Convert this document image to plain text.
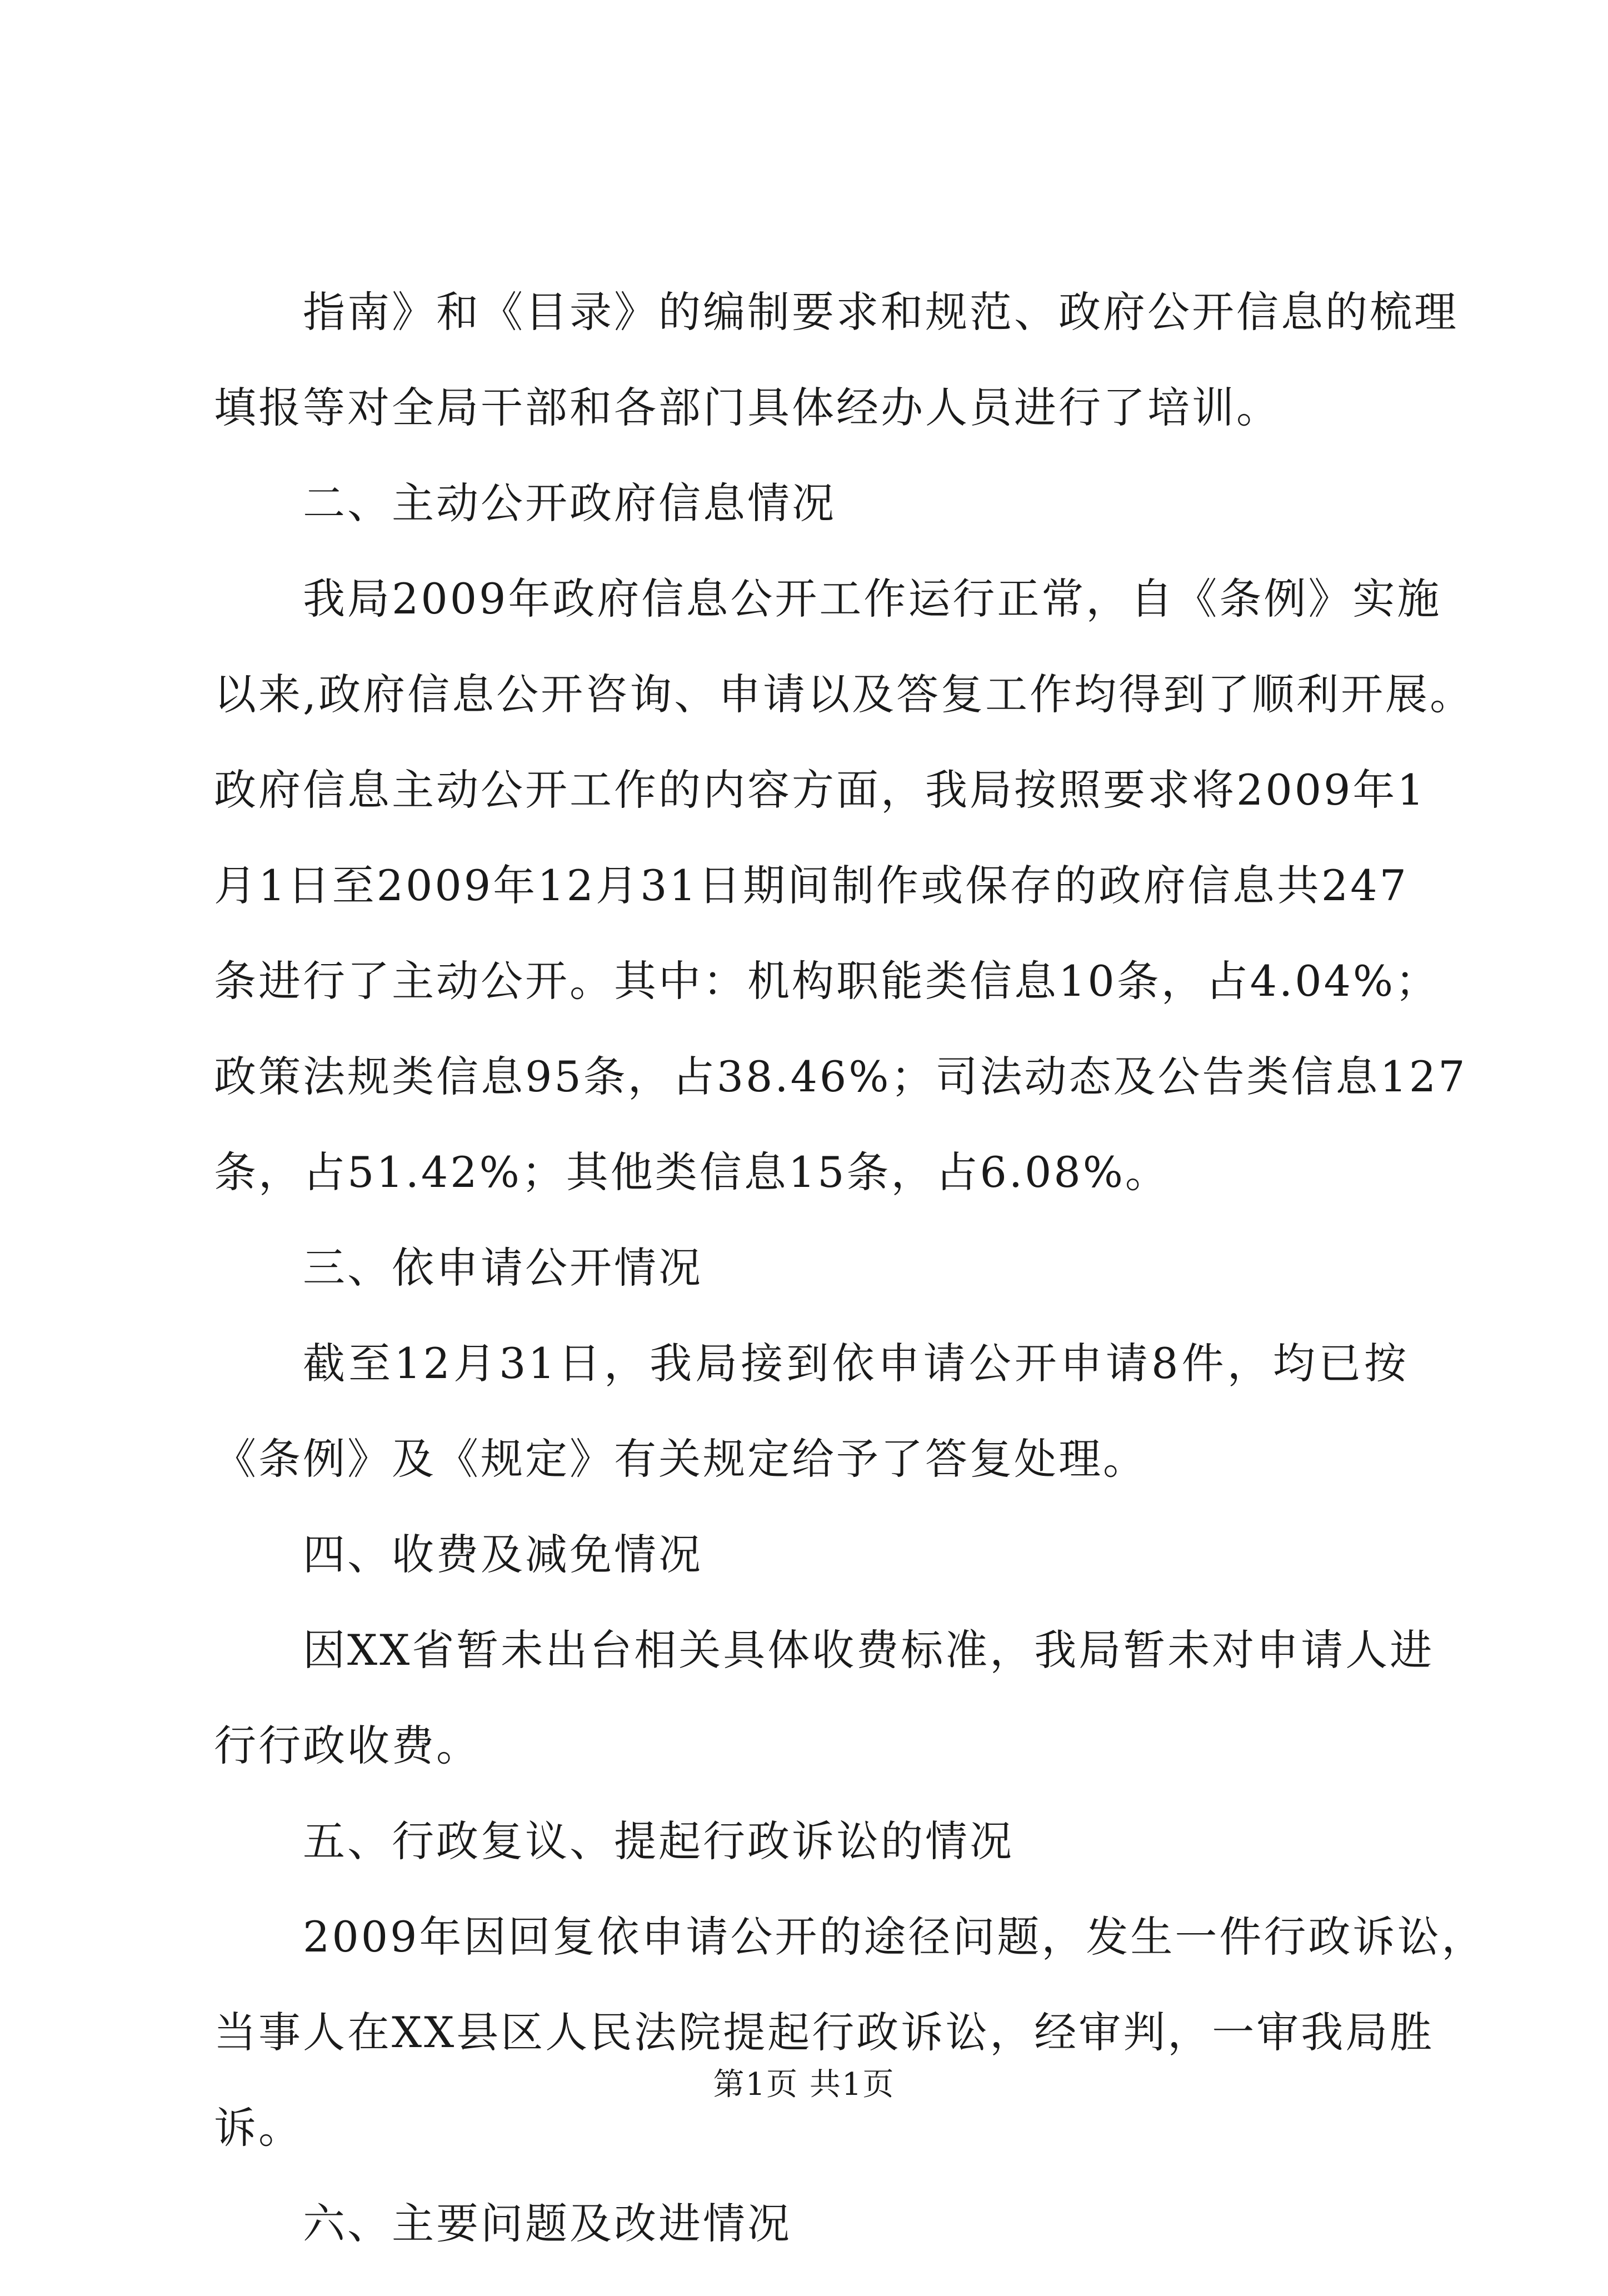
指南》和《目录》的编制要求和规范、政府公开信息的梳理
填报等对全局干部和各部门具体经办人员进行了培训。
二、主动公开政府信息情况
我局2009年政府信息公开工作运行正常，自《条例》实施
以来,政府信息公开咨询、申请以及答复工作均得到了顺利开展。
政府信息主动公开工作的内容方面，我局按照要求将2009年1
月1日至2009年12月31日期间制作或保存的政府信息共247
条进行了主动公开。其中：机构职能类信息10条，占4.04%；
政策法规类信息95条，占38.46%；司法动态及公告类信息127
条，占51.42%；其他类信息15条，占6.08%。
三、依申请公开情况
截至12月31日，我局接到依申请公开申请8件，均已按
《条例》及《规定》有关规定给予了答复处理。
四、收费及减免情况
因XX省暂未出台相关具体收费标准，我局暂未对申请人进
行行政收费。
五、行政复议、提起行政诉讼的情况
2009年因回复依申请公开的途径问题，发生一件行政诉讼，
当事人在XX县区人民法院提起行政诉讼，经审判，一审我局胜
诉。
六、主要问题及改进情况
第1页 共1页
